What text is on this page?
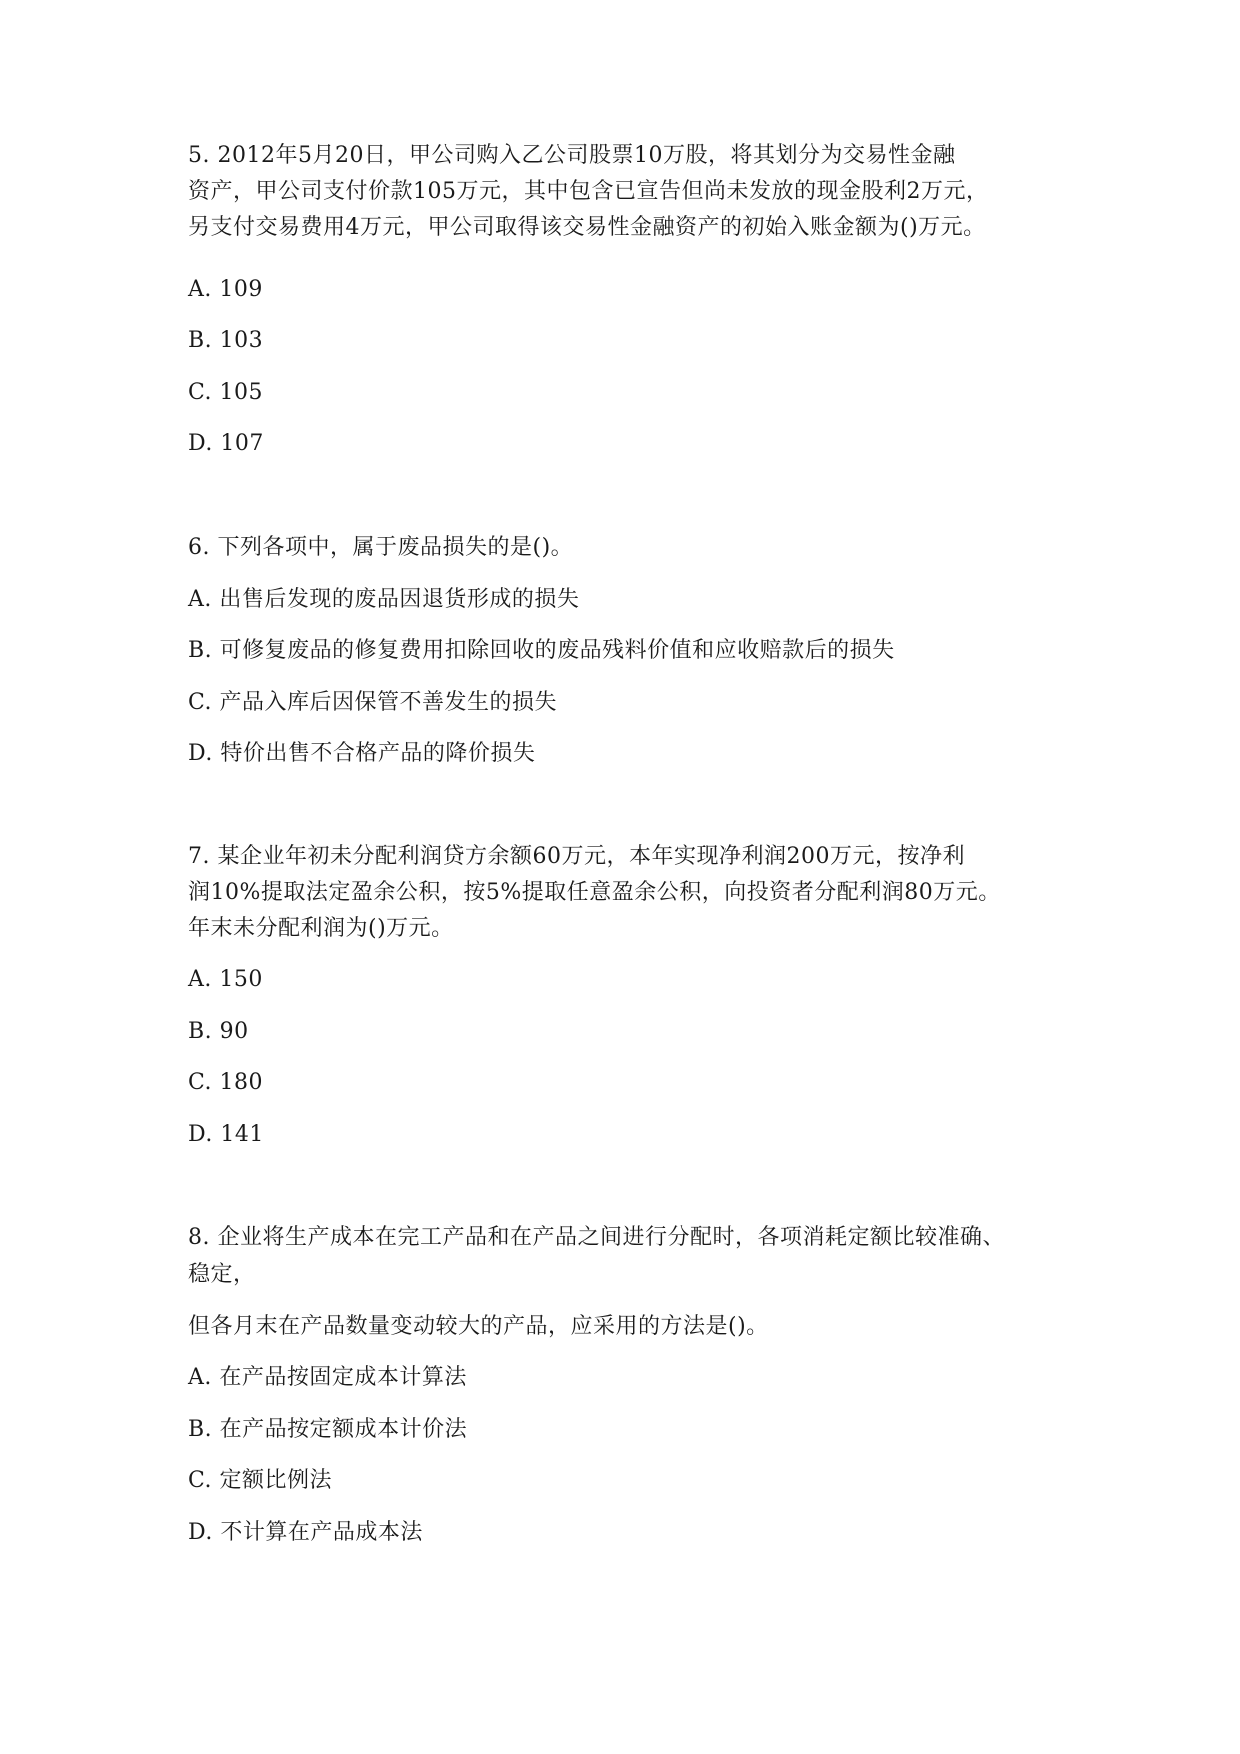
5. 2012年5月20日，甲公司购入乙公司股票10万股，将其划分为交易性金融
资产，甲公司支付价款105万元，其中包含已宣告但尚未发放的现金股利2万元，
另支付交易费用4万元，甲公司取得该交易性金融资产的初始入账金额为()万元。
A. 109
B. 103
C. 105
D. 107
6. 下列各项中，属于废品损失的是()。
A. 出售后发现的废品因退货形成的损失
B. 可修复废品的修复费用扣除回收的废品残料价值和应收赔款后的损失
C. 产品入库后因保管不善发生的损失
D. 特价出售不合格产品的降价损失
7. 某企业年初未分配利润贷方余额60万元，本年实现净利润200万元，按净利
润10%提取法定盈余公积，按5%提取任意盈余公积，向投资者分配利润80万元。
年末未分配利润为()万元。
A. 150
B. 90
C. 180
D. 141
8. 企业将生产成本在完工产品和在产品之间进行分配时，各项消耗定额比较准确、
稳定，
但各月末在产品数量变动较大的产品，应采用的方法是()。
A. 在产品按固定成本计算法
B. 在产品按定额成本计价法
C. 定额比例法
D. 不计算在产品成本法
